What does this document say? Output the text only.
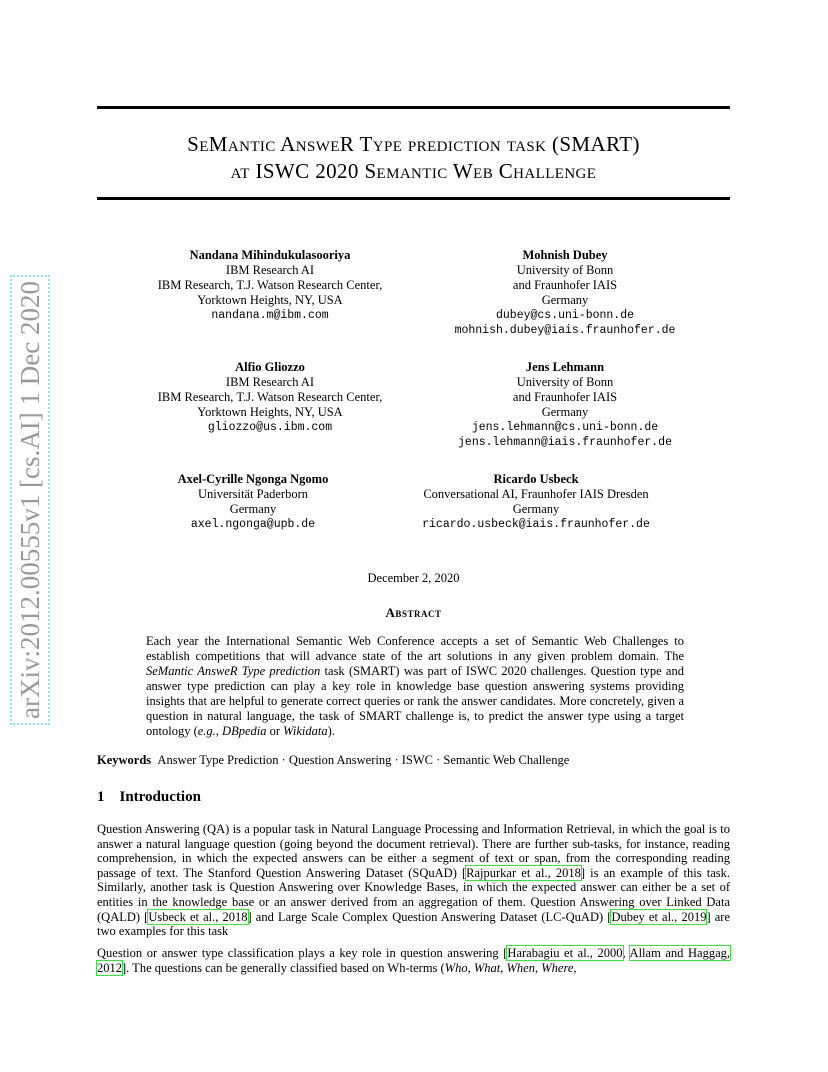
arXiv:2012.00555v1 [cs.AI] 1 Dec 2020
SeMantic AnsweR Type prediction task (SMART)
at ISWC 2020 Semantic Web Challenge
Nandana Mihindukulasooriya
IBM Research AI
IBM Research, T.J. Watson Research Center,
Yorktown Heights, NY, USA
nandana.m@ibm.com
Mohnish Dubey
University of Bonn
and Fraunhofer IAIS
Germany
dubey@cs.uni-bonn.de
mohnish.dubey@iais.fraunhofer.de
Alfio Gliozzo
IBM Research AI
IBM Research, T.J. Watson Research Center,
Yorktown Heights, NY, USA
gliozzo@us.ibm.com
Jens Lehmann
University of Bonn
and Fraunhofer IAIS
Germany
jens.lehmann@cs.uni-bonn.de
jens.lehmann@iais.fraunhofer.de
Axel-Cyrille Ngonga Ngomo
Universität Paderborn
Germany
axel.ngonga@upb.de
Ricardo Usbeck
Conversational AI, Fraunhofer IAIS Dresden
Germany
ricardo.usbeck@iais.fraunhofer.de
December 2, 2020
Abstract
Each year the International Semantic Web Conference accepts a set of Semantic Web Challenges to establish competitions that will advance state of the art solutions in any given problem domain. The SeMantic AnsweR Type prediction task (SMART) was part of ISWC 2020 challenges. Question type and answer type prediction can play a key role in knowledge base question answering systems providing insights that are helpful to generate correct queries or rank the answer candidates. More concretely, given a question in natural language, the task of SMART challenge is, to predict the answer type using a target ontology (e.g., DBpedia or Wikidata).
Keywords Answer Type Prediction · Question Answering · ISWC · Semantic Web Challenge
1 Introduction
Question Answering (QA) is a popular task in Natural Language Processing and Information Retrieval, in which the goal is to answer a natural language question (going beyond the document retrieval). There are further sub-tasks, for instance, reading comprehension, in which the expected answers can be either a segment of text or span, from the corresponding reading passage of text. The Stanford Question Answering Dataset (SQuAD) [Rajpurkar et al., 2018] is an example of this task. Similarly, another task is Question Answering over Knowledge Bases, in which the expected answer can either be a set of entities in the knowledge base or an answer derived from an aggregation of them. Question Answering over Linked Data (QALD) [Usbeck et al., 2018] and Large Scale Complex Question Answering Dataset (LC-QuAD) [Dubey et al., 2019] are two examples for this task
Question or answer type classification plays a key role in question answering [Harabagiu et al., 2000, Allam and Haggag, 2012]. The questions can be generally classified based on Wh-terms (Who, What, When, Where,
